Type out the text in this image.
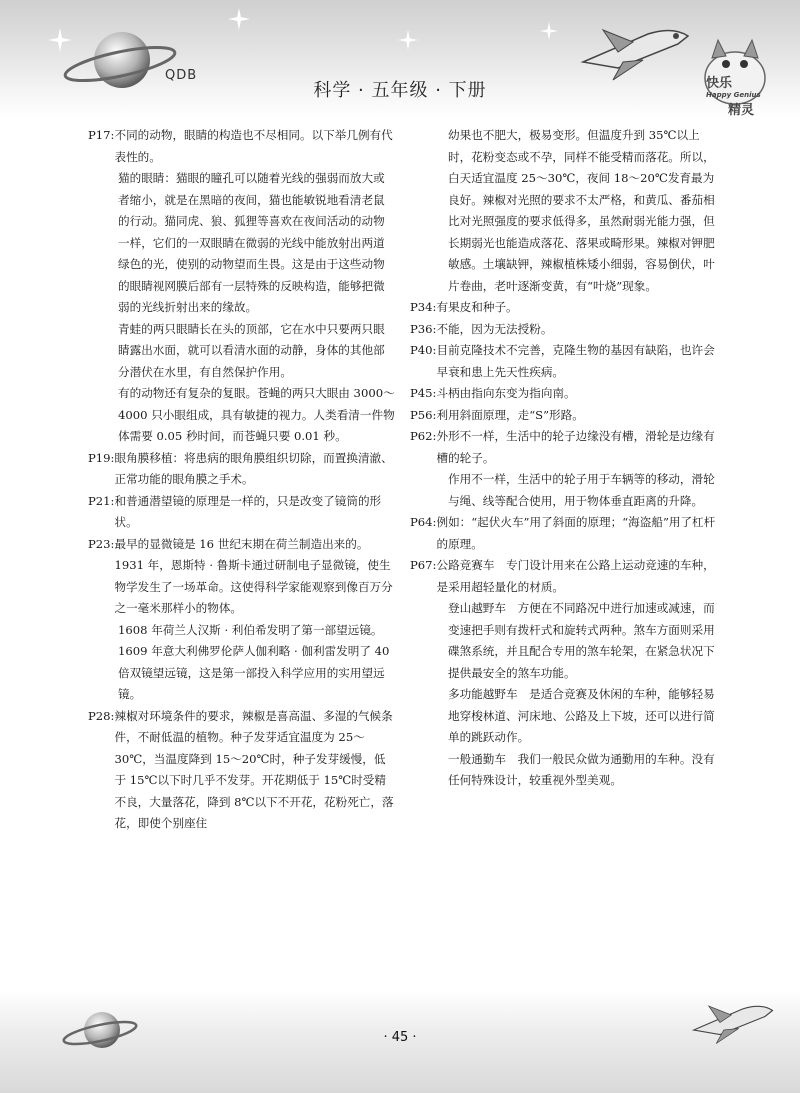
QDB
科学 · 五年级 · 下册	快乐
Happy Genius
精灵
P17: 不同的动物，眼睛的构造也不尽相同。以下举几例有代表性的。

猫的眼睛：猫眼的瞳孔可以随着光线的强弱而放大或者缩小，就是在黑暗的夜间，猫也能敏锐地看清老鼠的行动。猫同虎、狼、狐狸等喜欢在夜间活动的动物一样，它们的一双眼睛在微弱的光线中能放射出两道绿色的光，使别的动物望而生畏。这是由于这些动物的眼睛视网膜后部有一层特殊的反映构造，能够把微弱的光线折射出来的缘故。

青蛙的两只眼睛长在头的顶部，它在水中只要两只眼睛露出水面，就可以看清水面的动静，身体的其他部分潜伏在水里，有自然保护作用。

有的动物还有复杂的复眼。苍蝇的两只大眼由 3000～4000 只小眼组成，具有敏捷的视力。人类看清一件物体需要 0.05 秒时间，而苍蝇只要 0.01 秒。

P19: 眼角膜移植：将患病的眼角膜组织切除，而置换清澈、正常功能的眼角膜之手术。
P21: 和普通潜望镜的原理是一样的，只是改变了镜筒的形状。
P23: 最早的显微镜是 16 世纪末期在荷兰制造出来的。1931 年，恩斯特 · 鲁斯卡通过研制电子显微镜，使生物学发生了一场革命。这使得科学家能观察到像百万分之一毫米那样小的物体。

1608 年荷兰人汉斯 · 利伯希发明了第一部望远镜。1609 年意大利佛罗伦萨人伽利略 · 伽利雷发明了 40 倍双镜望远镜，这是第一部投入科学应用的实用望远镜。

P28: 辣椒对环境条件的要求，辣椒是喜高温、多湿的气候条件，不耐低温的植物。种子发芽适宜温度为 25～30℃，当温度降到 15～20℃时，种子发芽缓慢，低于 15℃以下时几乎不发芽。开花期低于 15℃时受精不良，大量落花，降到 8℃以下不开花，花粉死亡，落花，即使个别座住

幼果也不肥大，极易变形。但温度升到 35℃以上时，花粉变态或不孕，同样不能受精而落花。所以，白天适宜温度 25～30℃，夜间 18～20℃发育最为良好。辣椒对光照的要求不太严格，和黄瓜、番茄相比对光照强度的要求低得多，虽然耐弱光能力强，但长期弱光也能造成落花、落果或畸形果。辣椒对钾肥敏感。土壤缺钾，辣椒植株矮小细弱，容易倒伏，叶片卷曲，老叶逐渐变黄，有“叶烧”现象。

P34: 有果皮和种子。
P36: 不能，因为无法授粉。
P40: 目前克隆技术不完善，克隆生物的基因有缺陷，也许会早衰和患上先天性疾病。
P45: 斗柄由指向东变为指向南。
P56: 利用斜面原理，走“S”形路。
P62: 外形不一样，生活中的轮子边缘没有槽，滑轮是边缘有槽的轮子。

作用不一样，生活中的轮子用于车辆等的移动，滑轮与绳、线等配合使用，用于物体垂直距离的升降。

P64: 例如：“起伏火车”用了斜面的原理；“海盗船”用了杠杆的原理。
P67: 公路竞赛车　专门设计用来在公路上运动竞速的车种，是采用超轻量化的材质。

登山越野车　方便在不同路况中进行加速或减速，而变速把手则有拨杆式和旋转式两种。煞车方面则采用碟煞系统，并且配合专用的煞车轮架，在紧急状况下提供最安全的煞车功能。

多功能越野车　是适合竞赛及休闲的车种，能够轻易地穿梭林道、河床地、公路及上下坡，还可以进行简单的跳跃动作。

一般通勤车　我们一般民众做为通勤用的车种。没有任何特殊设计，较重视外型美观。

· 45 ·
